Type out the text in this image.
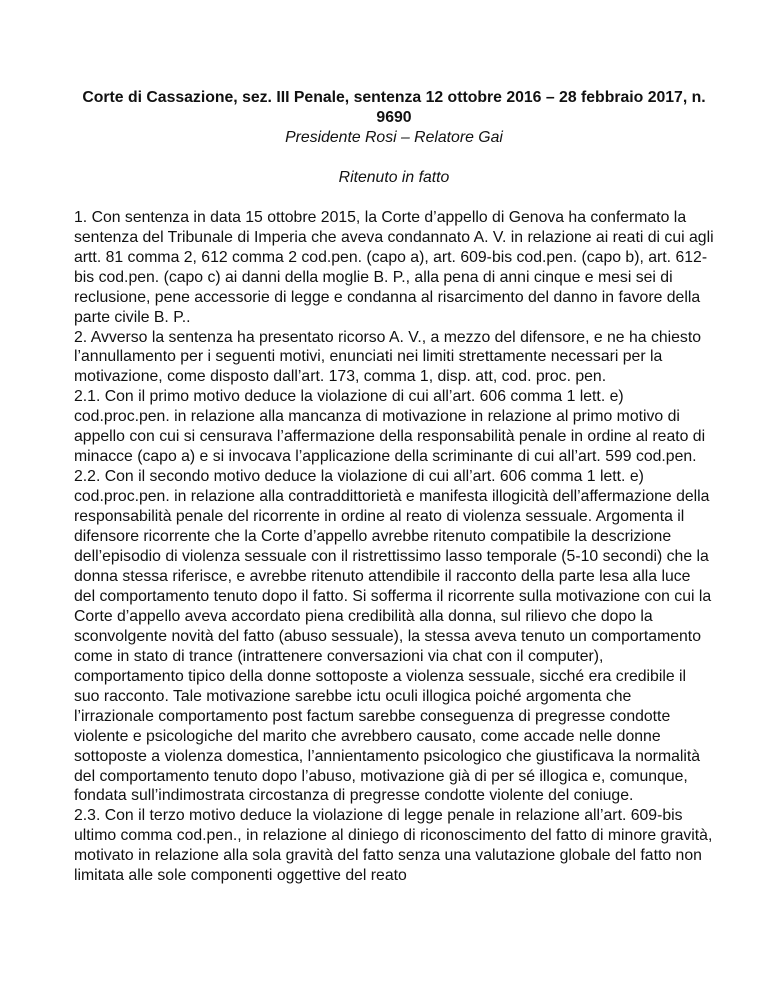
Corte di Cassazione, sez. III Penale, sentenza 12 ottobre 2016 – 28 febbraio 2017, n. 9690
Presidente Rosi – Relatore Gai
Ritenuto in fatto

1. Con sentenza in data 15 ottobre 2015, la Corte d’appello di Genova ha confermato la sentenza del Tribunale di Imperia che aveva condannato A. V. in relazione ai reati di cui agli artt. 81 comma 2, 612 comma 2 cod.pen. (capo a), art. 609-bis cod.pen. (capo b), art. 612-bis cod.pen. (capo c) ai danni della moglie B. P., alla pena di anni cinque e mesi sei di reclusione, pene accessorie di legge e condanna al risarcimento del danno in favore della parte civile B. P..

2. Avverso la sentenza ha presentato ricorso A. V., a mezzo del difensore, e ne ha chiesto l’annullamento per i seguenti motivi, enunciati nei limiti strettamente necessari per la motivazione, come disposto dall’art. 173, comma 1, disp. att, cod. proc. pen.

2.1. Con il primo motivo deduce la violazione di cui all’art. 606 comma 1 lett. e) cod.proc.pen. in relazione alla mancanza di motivazione in relazione al primo motivo di appello con cui si censurava l’affermazione della responsabilità penale in ordine al reato di minacce (capo a) e si invocava l’applicazione della scriminante di cui all’art. 599 cod.pen.

2.2. Con il secondo motivo deduce la violazione di cui all’art. 606 comma 1 lett. e) cod.proc.pen. in relazione alla contraddittorietà e manifesta illogicità dell’affermazione della responsabilità penale del ricorrente in ordine al reato di violenza sessuale. Argomenta il difensore ricorrente che la Corte d’appello avrebbe ritenuto compatibile la descrizione dell’episodio di violenza sessuale con il ristrettissimo lasso temporale (5-10 secondi) che la donna stessa riferisce, e avrebbe ritenuto attendibile il racconto della parte lesa alla luce del comportamento tenuto dopo il fatto. Si sofferma il ricorrente sulla motivazione con cui la Corte d’appello aveva accordato piena credibilità alla donna, sul rilievo che dopo la sconvolgente novità del fatto (abuso sessuale), la stessa aveva tenuto un comportamento come in stato di trance (intrattenere conversazioni via chat con il computer), comportamento tipico della donne sottoposte a violenza sessuale, sicché era credibile il suo racconto. Tale motivazione sarebbe ictu oculi illogica poiché argomenta che l’irrazionale comportamento post factum sarebbe conseguenza di pregresse condotte violente e psicologiche del marito che avrebbero causato, come accade nelle donne sottoposte a violenza domestica, l’annientamento psicologico che giustificava la normalità del comportamento tenuto dopo l’abuso, motivazione già di per sé illogica e, comunque, fondata sull’indimostrata circostanza di pregresse condotte violente del coniuge.

2.3. Con il terzo motivo deduce la violazione di legge penale in relazione all’art. 609-bis ultimo comma cod.pen., in relazione al diniego di riconoscimento del fatto di minore gravità, motivato in relazione alla sola gravità del fatto senza una valutazione globale del fatto non limitata alle sole componenti oggettive del reato
